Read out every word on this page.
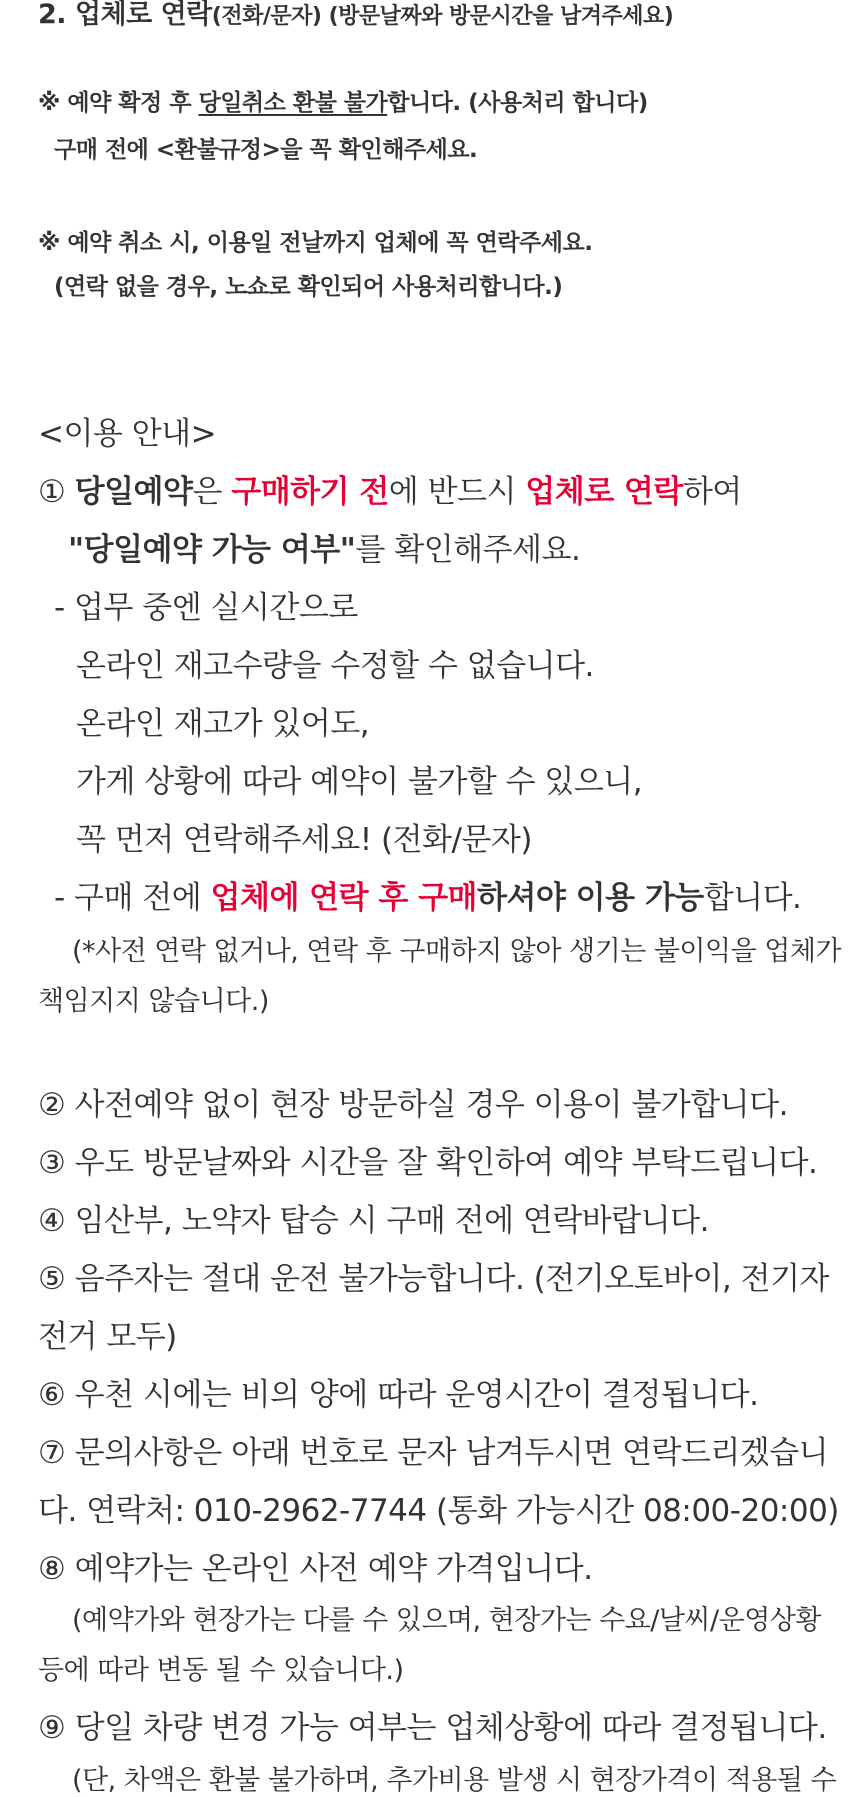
2. 업체로 연락(전화/문자) (방문날짜와 방문시간을 남겨주세요)
※ 예약 확정 후 당일취소 환불 불가합니다. (사용처리 합니다)
구매 전에 <환불규정>을 꼭 확인해주세요.
※ 예약 취소 시, 이용일 전날까지 업체에 꼭 연락주세요.
(연락 없을 경우, 노쇼로 확인되어 사용처리합니다.)
<이용 안내>
① 당일예약은 구매하기 전에 반드시 업체로 연락하여
"당일예약 가능 여부"를 확인해주세요.
- 업무 중엔 실시간으로
온라인 재고수량을 수정할 수 없습니다.
온라인 재고가 있어도,
가게 상황에 따라 예약이 불가할 수 있으니,
꼭 먼저 연락해주세요! (전화/문자)
- 구매 전에 업체에 연락 후 구매하셔야 이용 가능합니다.
(*사전 연락 없거나, 연락 후 구매하지 않아 생기는 불이익을 업체가
책임지지 않습니다.)
② 사전예약 없이 현장 방문하실 경우 이용이 불가합니다.
③ 우도 방문날짜와 시간을 잘 확인하여 예약 부탁드립니다.
④ 임산부, 노약자 탑승 시 구매 전에 연락바랍니다.
⑤ 음주자는 절대 운전 불가능합니다. (전기오토바이, 전기자
전거 모두)
⑥ 우천 시에는 비의 양에 따라 운영시간이 결정됩니다.
⑦ 문의사항은 아래 번호로 문자 남겨두시면 연락드리겠습니
다. 연락처: 010-2962-7744 (통화 가능시간 08:00-20:00)
⑧ 예약가는 온라인 사전 예약 가격입니다.
(예약가와 현장가는 다를 수 있으며, 현장가는 수요/날씨/운영상황
등에 따라 변동 될 수 있습니다.)
⑨ 당일 차량 변경 가능 여부는 업체상황에 따라 결정됩니다.
(단, 차액은 환불 불가하며, 추가비용 발생 시 현장가격이 적용될 수
